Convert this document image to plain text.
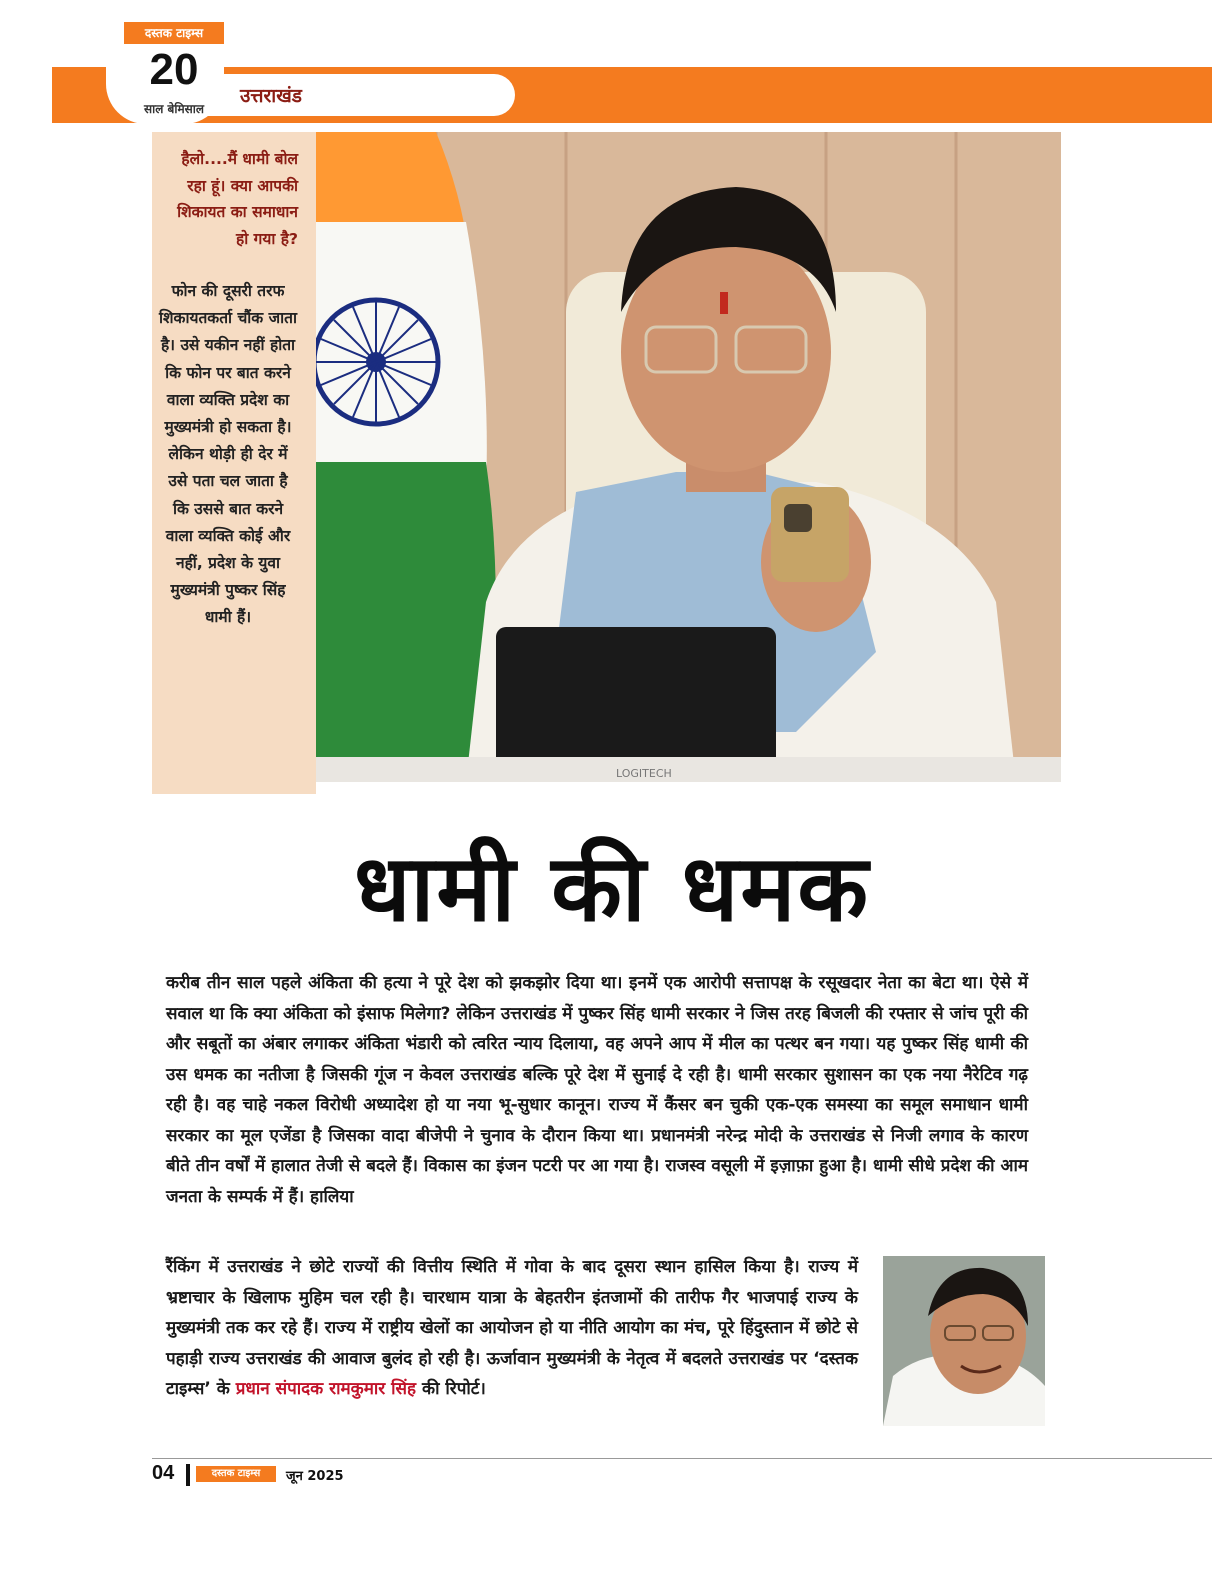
उत्तराखंड
दस्तक टाइम्स
20
साल बेमिसाल
हैलो....मैं धामी बोल रहा हूं। क्या आपकी शिकायत का समाधान हो गया है?
फोन की दूसरी तरफ शिकायतकर्ता चौंक जाता है। उसे यकीन नहीं होता कि फोन पर बात करने वाला व्यक्ति प्रदेश का मुख्यमंत्री हो सकता है। लेकिन थोड़ी ही देर में उसे पता चल जाता है कि उससे बात करने वाला व्यक्ति कोई और नहीं, प्रदेश के युवा मुख्यमंत्री पुष्कर सिंह धामी हैं।
LOGITECH
धामी की धमक

करीब तीन साल पहले अंकिता की हत्या ने पूरे देश को झकझोर दिया था। इनमें एक आरोपी सत्तापक्ष के रसूखदार नेता का बेटा था। ऐसे में सवाल था कि क्या अंकिता को इंसाफ मिलेगा? लेकिन उत्तराखंड में पुष्कर सिंह धामी सरकार ने जिस तरह बिजली की रफ्तार से जांच पूरी की और सबूतों का अंबार लगाकर अंकिता भंडारी को त्वरित न्याय दिलाया, वह अपने आप में मील का पत्थर बन गया। यह पुष्कर सिंह धामी की उस धमक का नतीजा है जिसकी गूंज न केवल उत्तराखंड बल्कि पूरे देश में सुनाई दे रही है। धामी सरकार सुशासन का एक नया नैरेटिव गढ़ रही है। वह चाहे नकल विरोधी अध्यादेश हो या नया भू-सुधार कानून। राज्य में कैंसर बन चुकी एक-एक समस्या का समूल समाधान धामी सरकार का मूल एजेंडा है जिसका वादा बीजेपी ने चुनाव के दौरान किया था। प्रधानमंत्री नरेन्द्र मोदी के उत्तराखंड से निजी लगाव के कारण बीते तीन वर्षों में हालात तेजी से बदले हैं। विकास का इंजन पटरी पर आ गया है। राजस्व वसूली में इज़ाफ़ा हुआ है। धामी सीधे प्रदेश की आम जनता के सम्पर्क में हैं। हालिया

रैंकिंग में उत्तराखंड ने छोटे राज्यों की वित्तीय स्थिति में गोवा के बाद दूसरा स्थान हासिल किया है। राज्य में भ्रष्टाचार के खिलाफ मुहिम चल रही है। चारधाम यात्रा के बेहतरीन इंतजामों की तारीफ गैर भाजपाई राज्य के मुख्यमंत्री तक कर रहे हैं। राज्य में राष्ट्रीय खेलों का आयोजन हो या नीति आयोग का मंच, पूरे हिंदुस्तान में छोटे से पहाड़ी राज्य उत्तराखंड की आवाज बुलंद हो रही है। ऊर्जावान मुख्यमंत्री के नेतृत्व में बदलते उत्तराखंड पर ‘दस्तक टाइम्स’ के प्रधान संपादक रामकुमार सिंह की रिपोर्ट।

04	दस्तक टाइम्स	जून 2025
